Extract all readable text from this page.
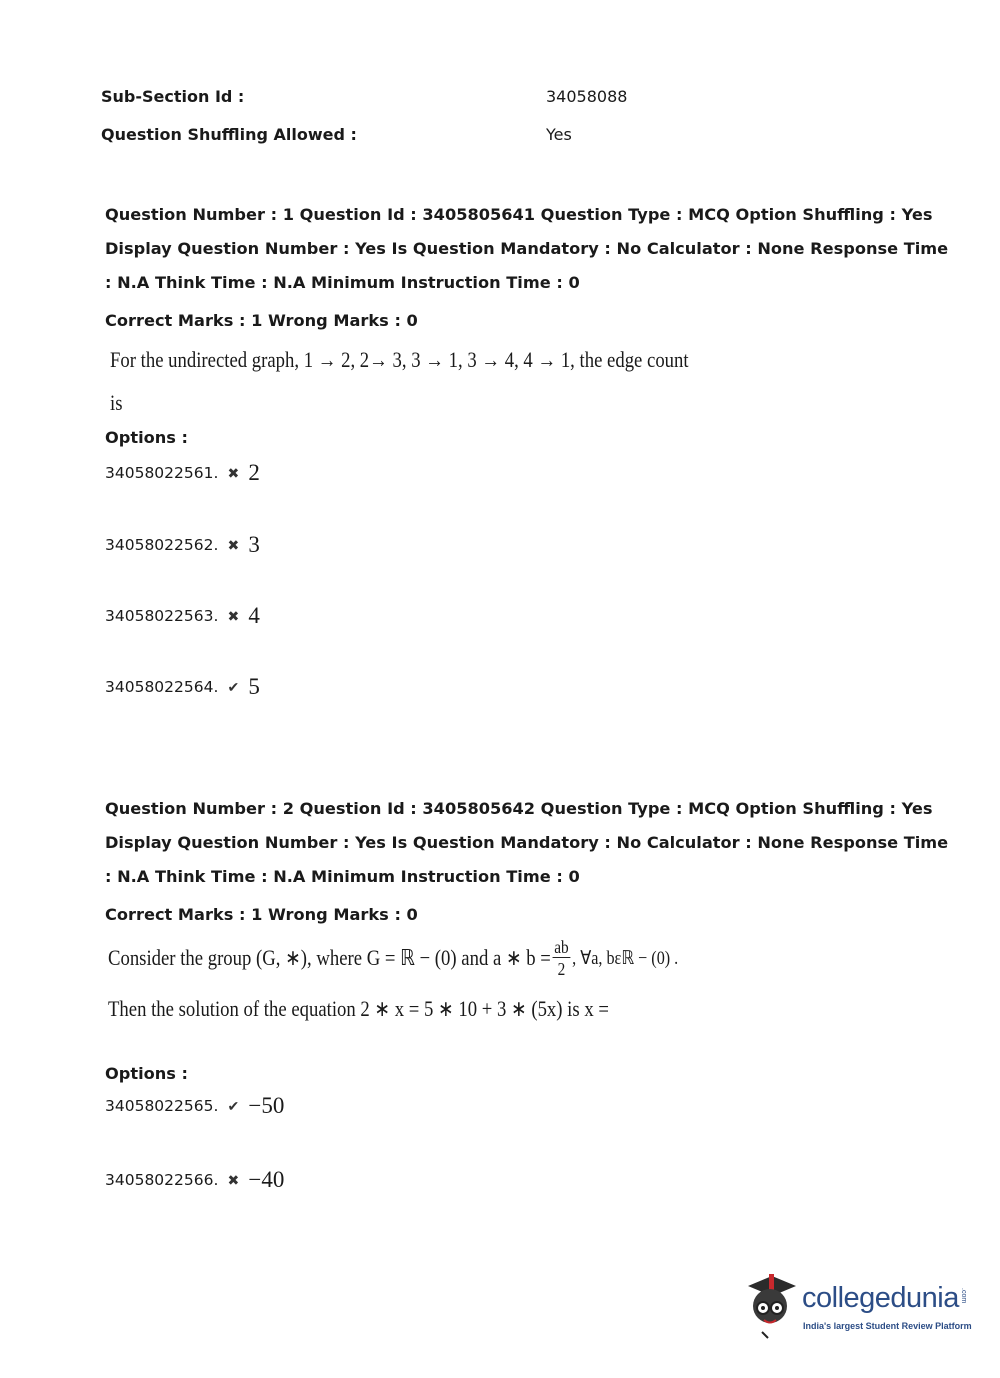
Sub-Section Id :	34058088
Question Shuffling Allowed :	Yes
Question Number : 1 Question Id : 3405805641 Question Type : MCQ Option Shuffling : Yes
Display Question Number : Yes Is Question Mandatory : No Calculator : None Response Time
: N.A Think Time : N.A Minimum Instruction Time : 0
Correct Marks : 1 Wrong Marks : 0
For the undirected graph, 1 → 2, 2→ 3, 3 → 1, 3 → 4, 4 → 1, the edge count
is
Options :
34058022561. ✖ 2
34058022562. ✖ 3
34058022563. ✖ 4
34058022564. ✔ 5
Question Number : 2 Question Id : 3405805642 Question Type : MCQ Option Shuffling : Yes
Display Question Number : Yes Is Question Mandatory : No Calculator : None Response Time
: N.A Think Time : N.A Minimum Instruction Time : 0
Correct Marks : 1 Wrong Marks : 0
Consider the group (G, ∗), where G = ℝ − (0) and a ∗ $b = \frac{ab}{2}$ , ∀a, bεℝ − (0) .
Then the solution of the equation 2 ∗ x = 5 ∗ 10 + 3 ∗ (5x) is x =
Options :
34058022565. ✔ −50
34058022566. ✖ −40
collegedunia .com
India's largest Student Review Platform
